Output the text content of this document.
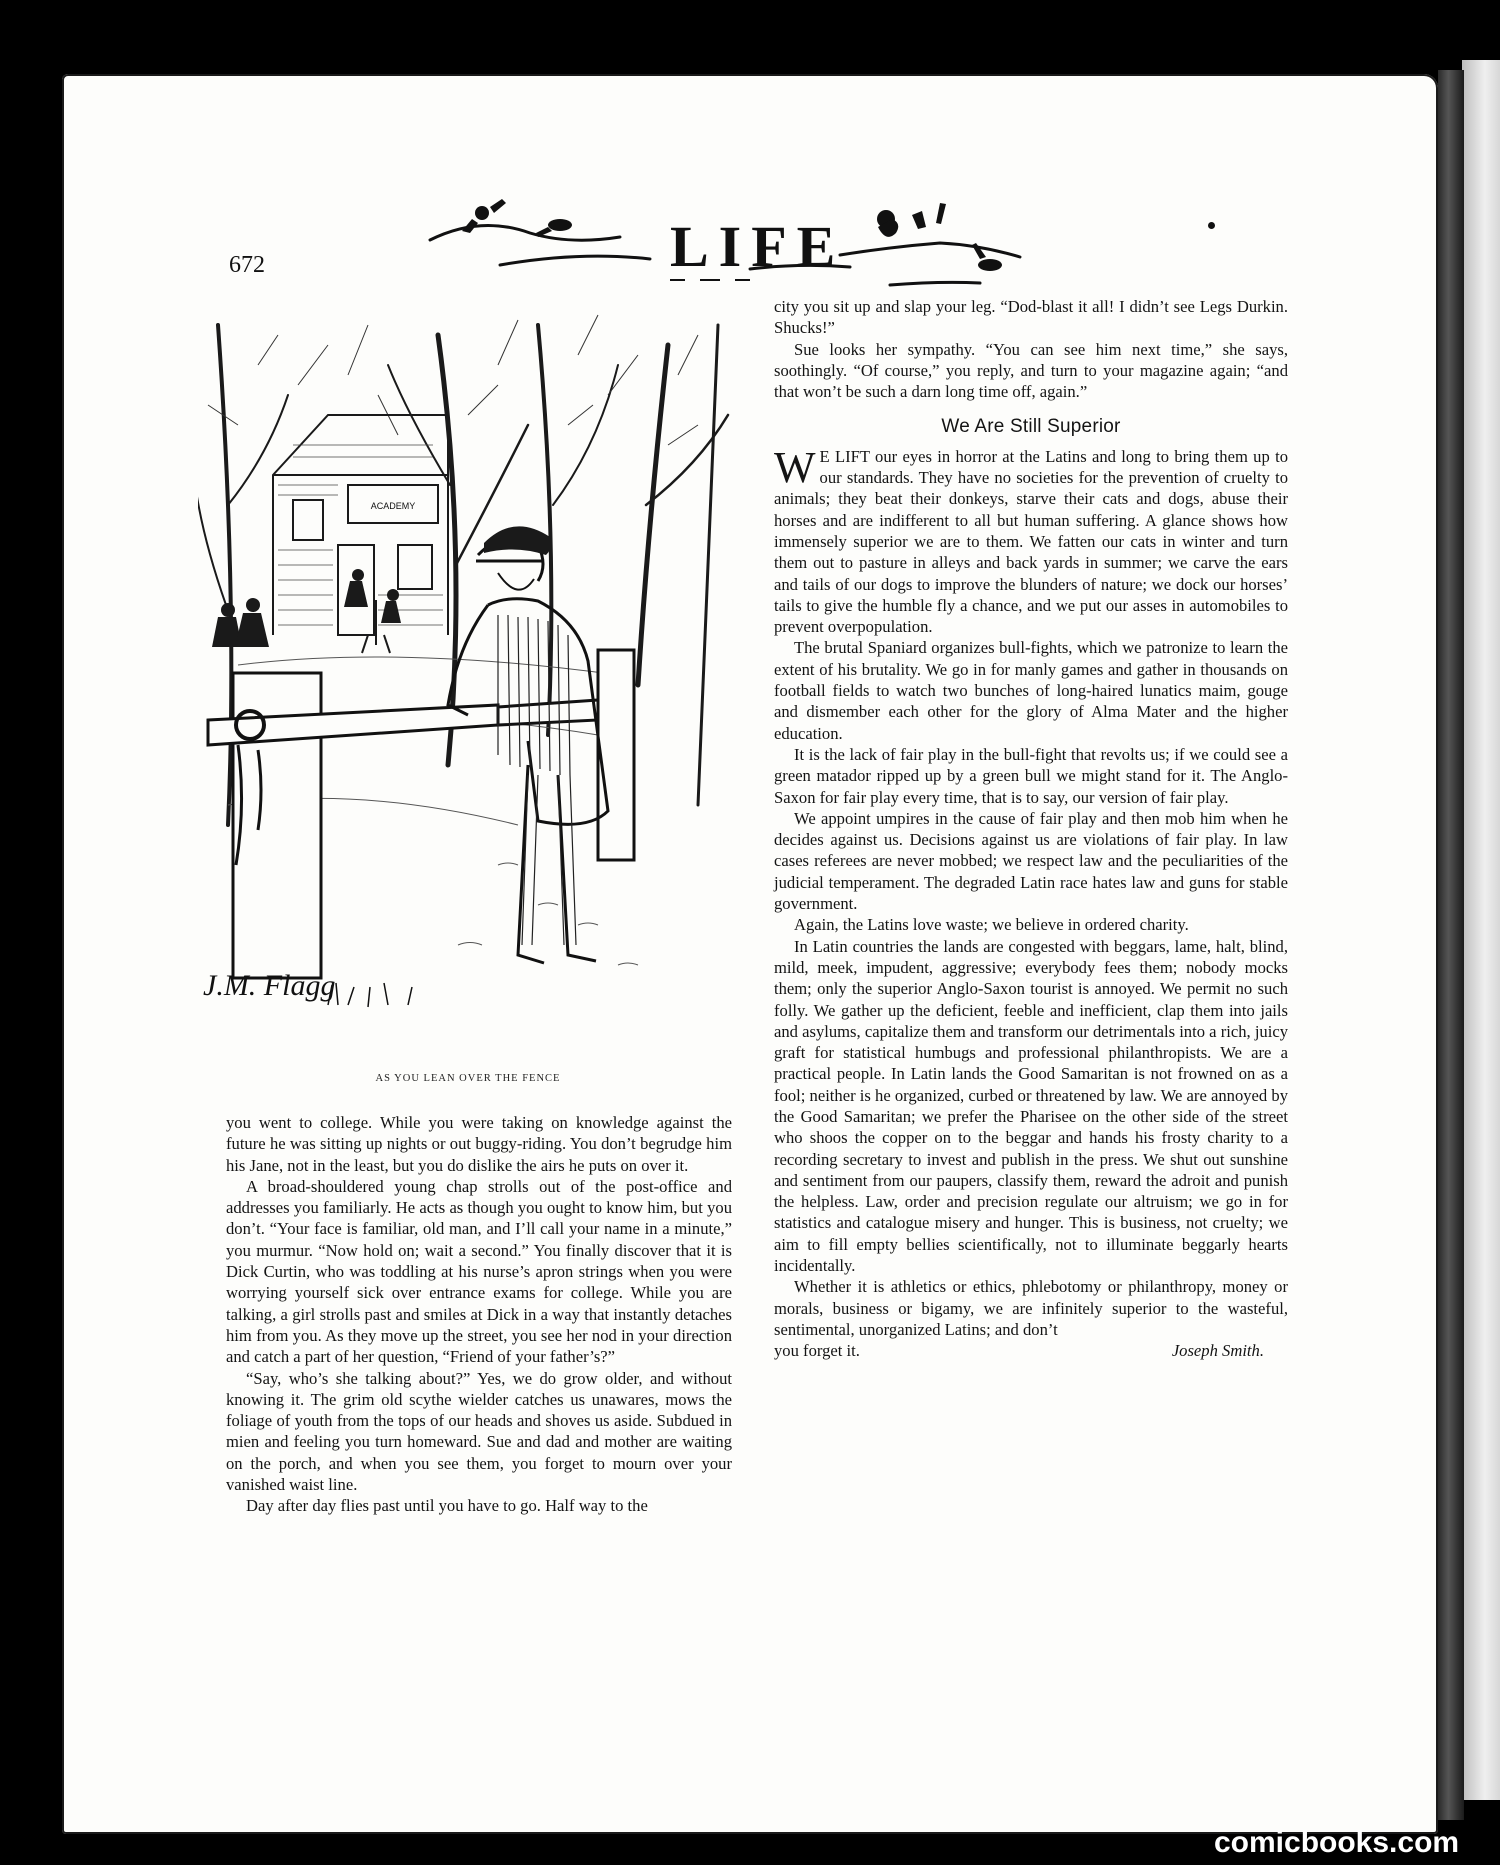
LIFE
672
ACADEMY
J.M. Flagg
AS YOU LEAN OVER THE FENCE

you went to college. While you were taking on knowledge against the future he was sitting up nights or out buggy-riding. You don’t begrudge him his Jane, not in the least, but you do dislike the airs he puts on over it.

A broad-shouldered young chap strolls out of the post-office and addresses you familiarly. He acts as though you ought to know him, but you don’t. “Your face is familiar, old man, and I’ll call your name in a minute,” you murmur. “Now hold on; wait a second.” You finally discover that it is Dick Curtin, who was toddling at his nurse’s apron strings when you were worrying yourself sick over entrance exams for college. While you are talking, a girl strolls past and smiles at Dick in a way that instantly detaches him from you. As they move up the street, you see her nod in your direction and catch a part of her question, “Friend of your father’s?”

“Say, who’s she talking about?” Yes, we do grow older, and without knowing it. The grim old scythe wielder catches us unawares, mows the foliage of youth from the tops of our heads and shoves us aside. Subdued in mien and feeling you turn homeward. Sue and dad and mother are waiting on the porch, and when you see them, you forget to mourn over your vanished waist line.

Day after day flies past until you have to go. Half way to the

city you sit up and slap your leg. “Dod-blast it all! I didn’t see Legs Durkin. Shucks!”

Sue looks her sympathy. “You can see him next time,” she says, soothingly. “Of course,” you reply, and turn to your magazine again; “and that won’t be such a darn long time off, again.”

We Are Still Superior

W E LIFT our eyes in horror at the Latins and long to bring them up to our standards. They have no societies for the prevention of cruelty to animals; they beat their donkeys, starve their cats and dogs, abuse their horses and are indifferent to all but human suffering. A glance shows how immensely superior we are to them. We fatten our cats in winter and turn them out to pasture in alleys and back yards in summer; we carve the ears and tails of our dogs to improve the blunders of nature; we dock our horses’ tails to give the humble fly a chance, and we put our asses in automobiles to prevent overpopulation.

The brutal Spaniard organizes bull-fights, which we patronize to learn the extent of his brutality. We go in for manly games and gather in thousands on football fields to watch two bunches of long-haired lunatics maim, gouge and dismember each other for the glory of Alma Mater and the higher education.

It is the lack of fair play in the bull-fight that revolts us; if we could see a green matador ripped up by a green bull we might stand for it. The Anglo-Saxon for fair play every time, that is to say, our version of fair play.

We appoint umpires in the cause of fair play and then mob him when he decides against us. Decisions against us are violations of fair play. In law cases referees are never mobbed; we respect law and the peculiarities of the judicial temperament. The degraded Latin race hates law and guns for stable government.

Again, the Latins love waste; we believe in ordered charity.

In Latin countries the lands are congested with beggars, lame, halt, blind, mild, meek, impudent, aggressive; everybody fees them; nobody mocks them; only the superior Anglo-Saxon tourist is annoyed. We permit no such folly. We gather up the deficient, feeble and inefficient, clap them into jails and asylums, capitalize them and transform our detrimentals into a rich, juicy graft for statistical humbugs and professional philanthropists. We are a practical people. In Latin lands the Good Samaritan is not frowned on as a fool; neither is he organized, curbed or threatened by law. We are annoyed by the Good Samaritan; we prefer the Pharisee on the other side of the street who shoos the copper on to the beggar and hands his frosty charity to a recording secretary to invest and publish in the press. We shut out sunshine and sentiment from our paupers, classify them, reward the adroit and punish the helpless. Law, order and precision regulate our altruism; we go in for statistics and catalogue misery and hunger. This is business, not cruelty; we aim to fill empty bellies scientifically, not to illuminate beggarly hearts incidentally.

Whether it is athletics or ethics, phlebotomy or philanthropy, money or morals, business or bigamy, we are infinitely superior to the wasteful, sentimental, unorganized Latins; and don’t

you forget it.	Joseph Smith.

comicbooks.com
